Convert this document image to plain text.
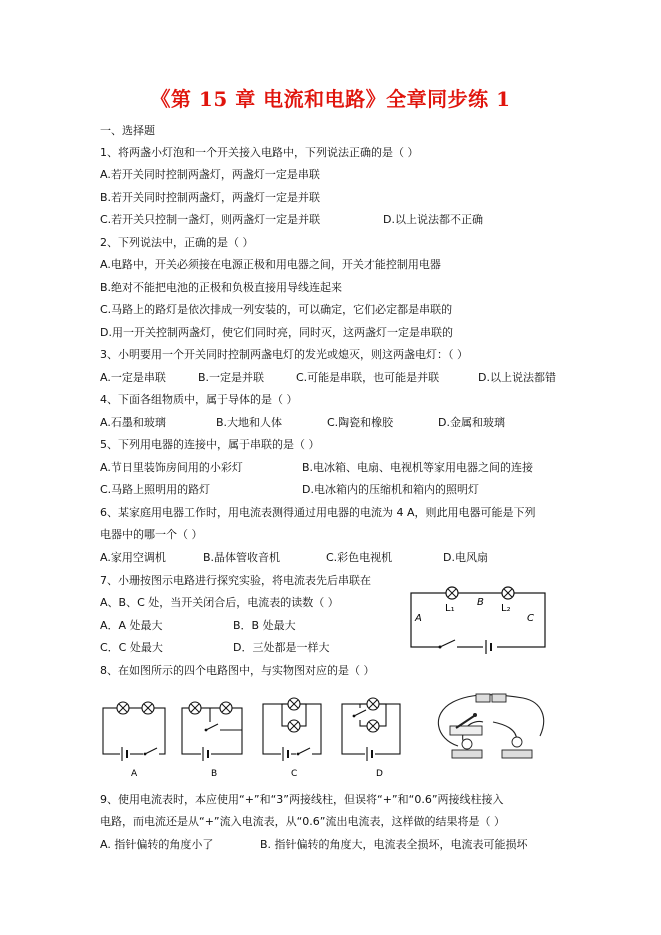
《第 15 章 电流和电路》全章同步练 1
一、选择题
1、将两盏小灯泡和一个开关接入电路中，下列说法正确的是（ ）
A.若开关同时控制两盏灯，两盏灯一定是串联
B.若开关同时控制两盏灯，两盏灯一定是并联
C.若开关只控制一盏灯，则两盏灯一定是并联	D.以上说法都不正确
2、下列说法中，正确的是（ ）
A.电路中，开关必须接在电源正极和用电器之间，开关才能控制用电器
B.绝对不能把电池的正极和负极直接用导线连起来
C.马路上的路灯是依次排成一列安装的，可以确定，它们必定都是串联的
D.用一开关控制两盏灯，使它们同时亮，同时灭，这两盏灯一定是串联的
3、小明要用一个开关同时控制两盏电灯的发光或熄灭，则这两盏电灯：（ ）
A.一定是串联	B.一定是并联	C.可能是串联，也可能是并联	D.以上说法都错
4、下面各组物质中，属于导体的是（ ）
A.石墨和玻璃	B.大地和人体	C.陶瓷和橡胶	D.金属和玻璃
5、下列用电器的连接中，属于串联的是（ ）
A.节日里装饰房间用的小彩灯	B.电冰箱、电扇、电视机等家用电器之间的连接
C.马路上照明用的路灯	D.电冰箱内的压缩机和箱内的照明灯
6、某家庭用电器工作时，用电流表测得通过用电器的电流为 4 A，则此用电器可能是下列
电器中的哪一个（ ）
A.家用空调机	B.晶体管收音机	C.彩色电视机	D.电风扇
7、小珊按图示电路进行探究实验，将电流表先后串联在
A、B、C 处，当开关闭合后，电流表的读数（ ）
A．A 处最大	B．B 处最大
C．C 处最大	D．三处都是一样大
L₁	L₂
B
A	C
8、在如图所示的四个电路图中，与实物图对应的是（ ）
A	B	C	D
9、使用电流表时，本应使用“+”和“3”两接线柱，但误将“+”和“0.6”两接线柱接入
电路，而电流还是从“+”流入电流表，从“0.6”流出电流表，这样做的结果将是（ ）
A. 指针偏转的角度小了	B. 指针偏转的角度大，电流表全损坏，电流表可能损坏
